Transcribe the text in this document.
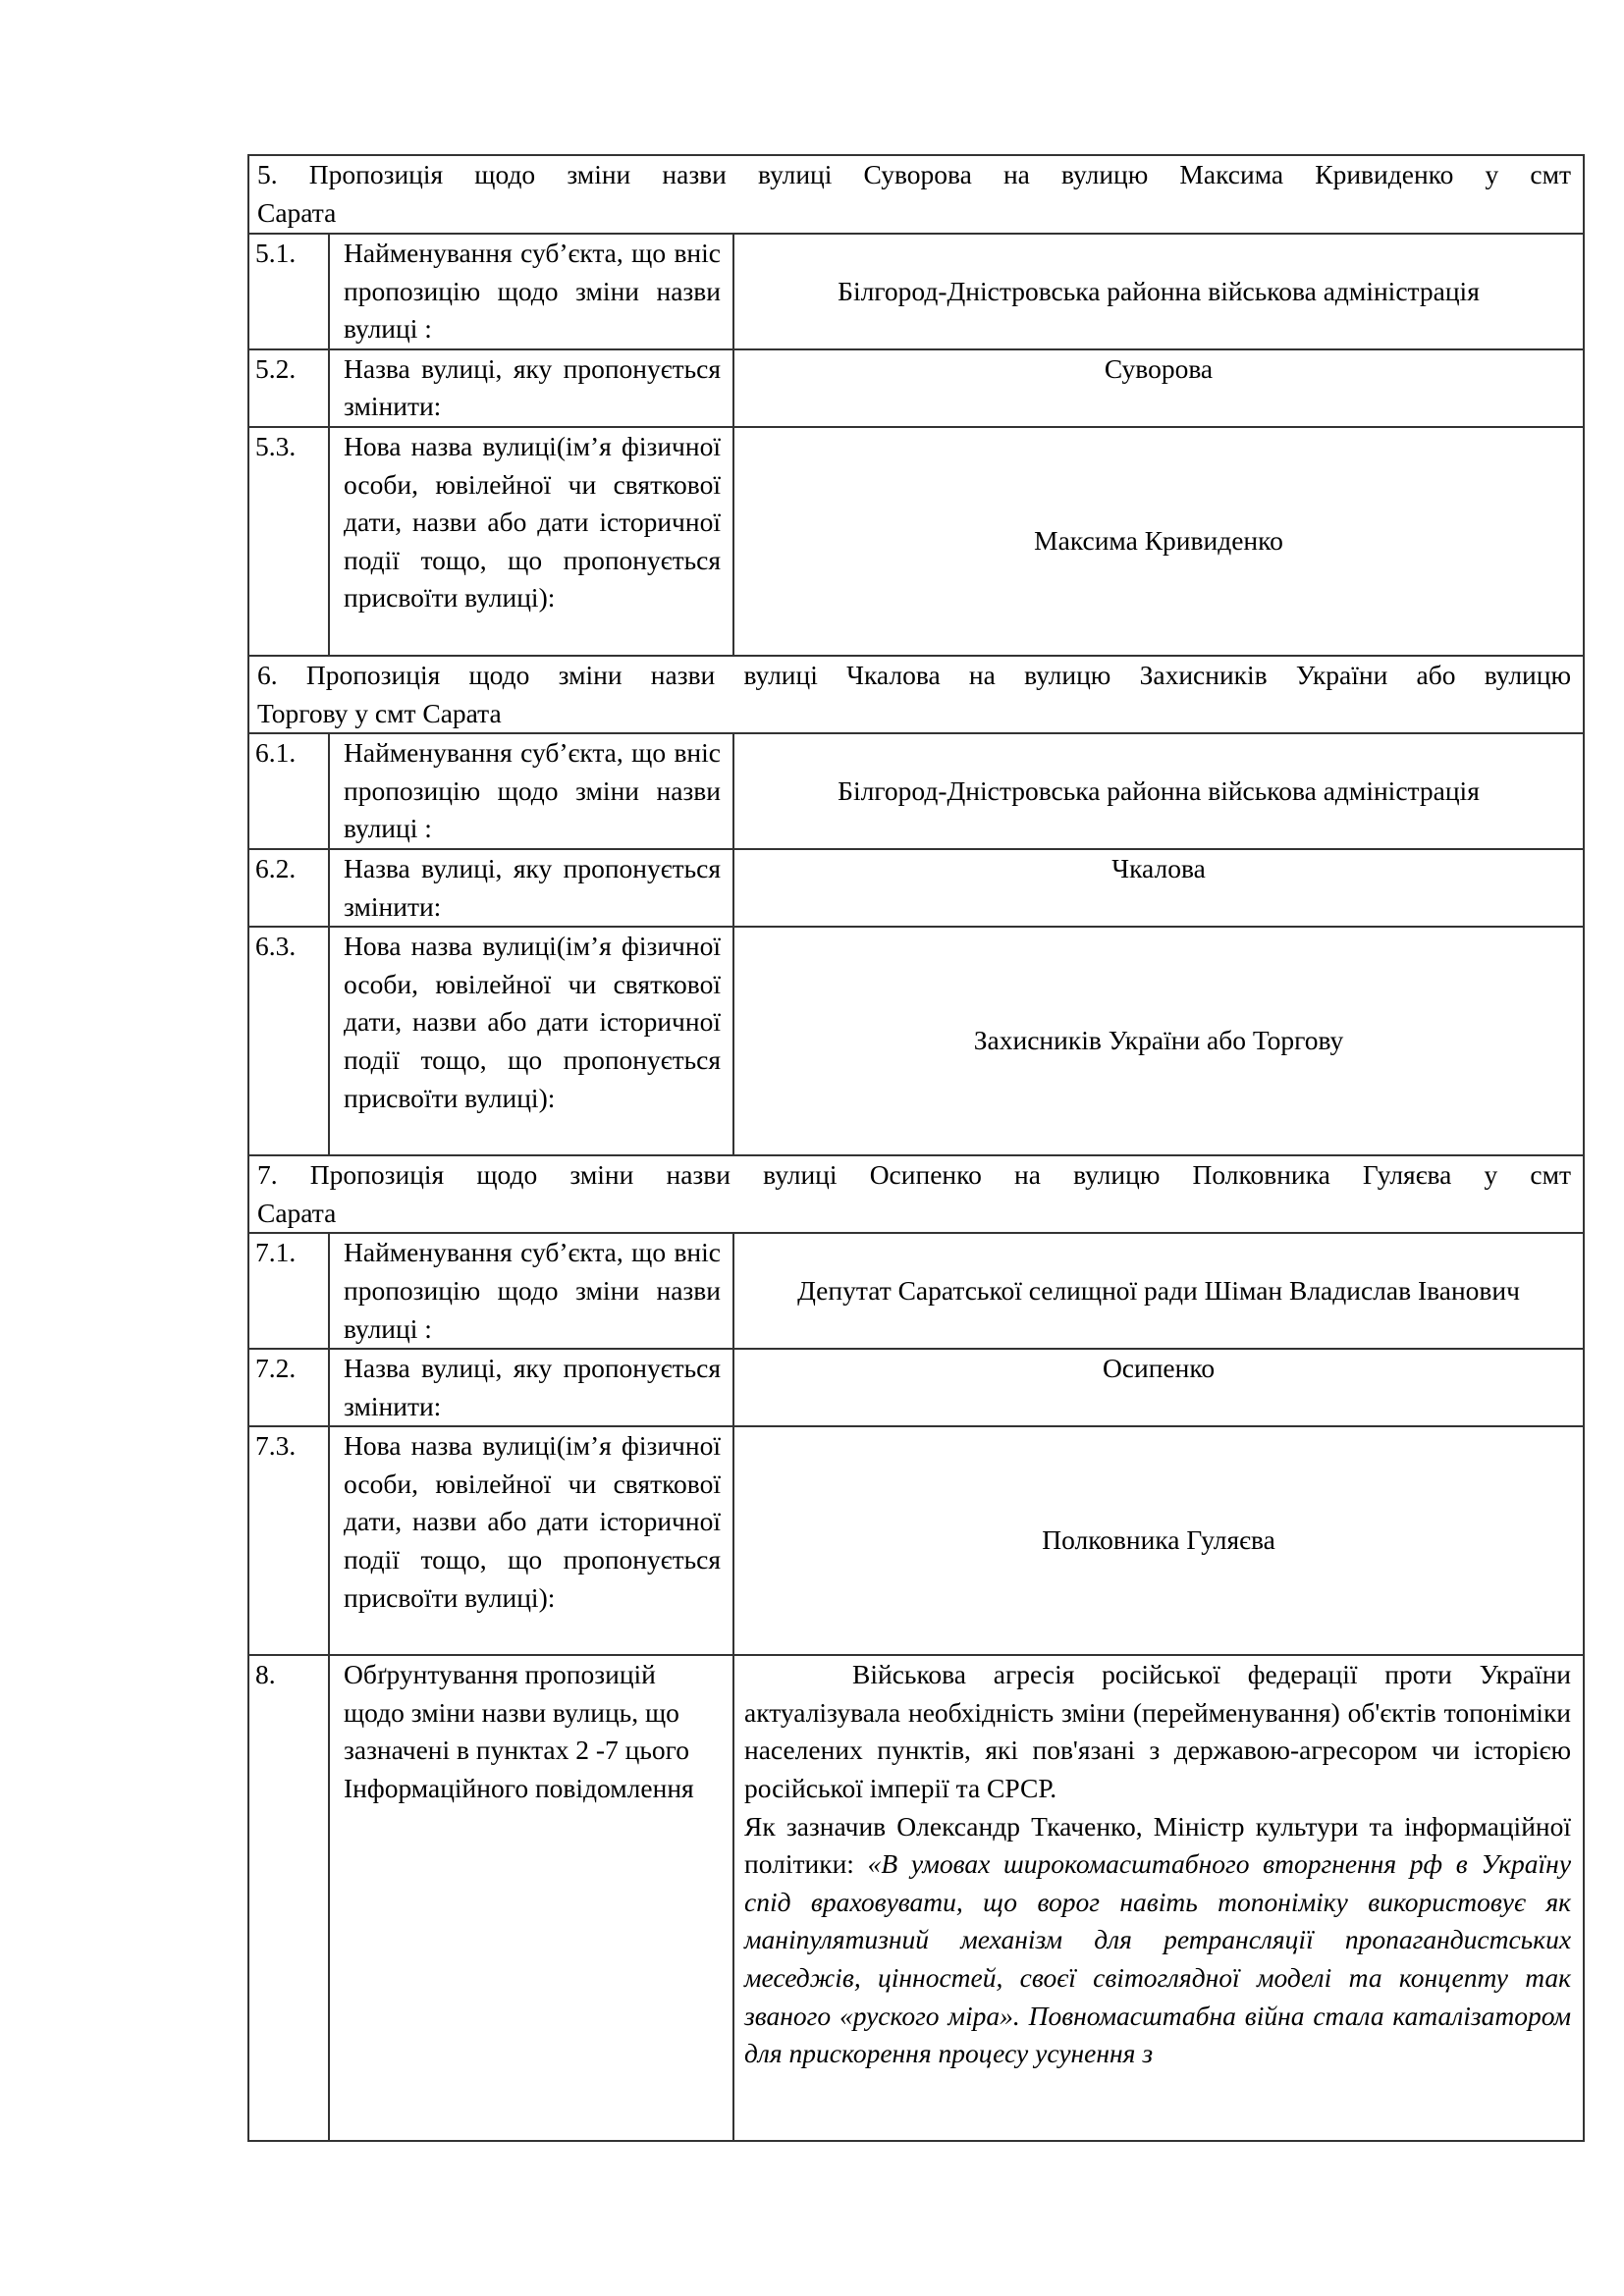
5. Пропозиція щодо зміни назви вулиці Суворова на вулицю Максима Кривиденко у смт
Сарата		
5.1.	Найменування суб’єкта, що вніс пропозицію щодо зміни назви вулиці :	Білгород-Дністровська районна військова адміністрація
5.2.	Назва вулиці, яку пропонується змінити:	Суворова
5.3.	Нова назва вулиці(ім’я фізичної особи, ювілейної чи святкової дати, назви або дати історичної події тощо, що пропонується присвоїти вулиці):	Максима Кривиденко

6. Пропозиція щодо зміни назви вулиці Чкалова на вулицю Захисників України або вулицю
Торгову у смт Сарата		
6.1.	Найменування суб’єкта, що вніс пропозицію щодо зміни назви вулиці :	Білгород-Дністровська районна військова адміністрація
6.2.	Назва вулиці, яку пропонується змінити:	Чкалова
6.3.	Нова назва вулиці(ім’я фізичної особи, ювілейної чи святкової дати, назви або дати історичної події тощо, що пропонується присвоїти вулиці):	Захисників України або Торгову

7. Пропозиція щодо зміни назви вулиці Осипенко на вулицю Полковника Гуляєва у смт
Сарата		
7.1.	Найменування суб’єкта, що вніс пропозицію щодо зміни назви вулиці :	Депутат Саратської селищної ради Шіман Владислав Іванович
7.2.	Назва вулиці, яку пропонується змінити:	Осипенко
7.3.	Нова назва вулиці(ім’я фізичної особи, ювілейної чи святкової дати, назви або дати історичної події тощо, що пропонується присвоїти вулиці):	Полковника Гуляєва
8.	Обґрунтування пропозицій щодо зміни назви вулиць, що зазначені в пунктах 2 -7 цього Інформаційного повідомлення	Військова агресія російської федерації проти України актуалізувала необхідність зміни (перейменування) об'єктів топоніміки населених пунктів, які пов'язані з державою-агресором чи історією російської імперії та СРСР.

Як зазначив Олександр Ткаченко, Міністр культури та інформаційної політики: «В умовах широкомасштабного вторгнення рф в Україну спід враховувати, що ворог навіть топоніміку використовує як маніпулятизний механізм для ретрансляції пропагандистських меседжів, цінностей, своєї світоглядної моделі та концепту так званого «руского міра». Повномасштабна війна стала каталізатором для прискорення процесу усунення з
